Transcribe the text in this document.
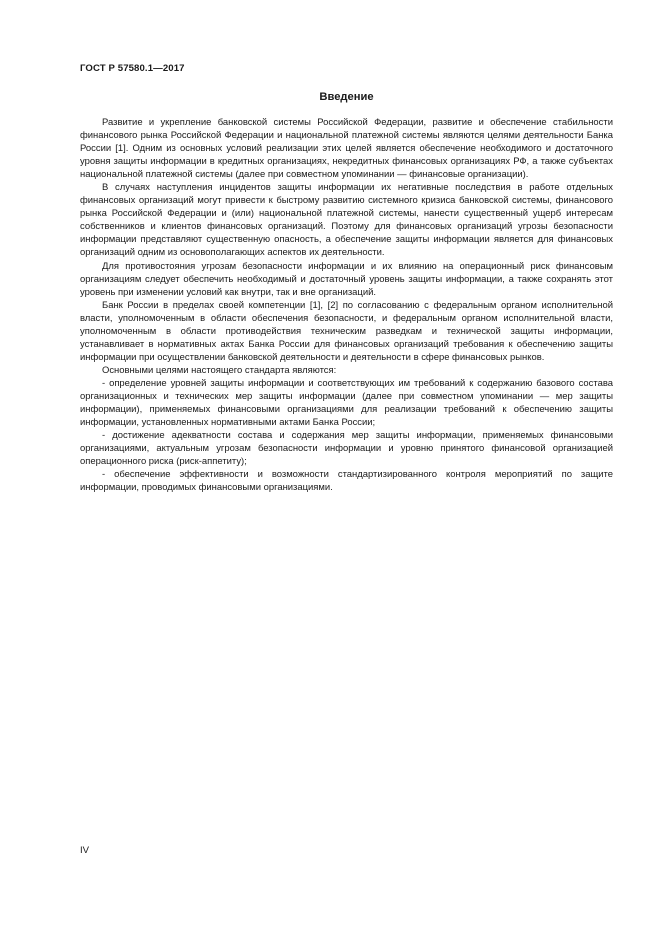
ГОСТ Р 57580.1—2017
Введение

Развитие и укрепление банковской системы Российской Федерации, развитие и обеспечение стабильности финансового рынка Российской Федерации и национальной платежной системы являются целями деятельности Банка России [1]. Одним из основных условий реализации этих целей является обеспечение необходимого и достаточного уровня защиты информации в кредитных организациях, некредитных финансовых организациях РФ, а также субъектах национальной платежной системы (далее при совместном упоминании — финансовые организации).

В случаях наступления инцидентов защиты информации их негативные последствия в работе отдельных финансовых организаций могут привести к быстрому развитию системного кризиса банковской системы, финансового рынка Российской Федерации и (или) национальной платежной системы, нанести существенный ущерб интересам собственников и клиентов финансовых организаций. Поэтому для финансовых организаций угрозы безопасности информации представляют существенную опасность, а обеспечение защиты информации является для финансовых организаций одним из основополагающих аспектов их деятельности.

Для противостояния угрозам безопасности информации и их влиянию на операционный риск финансовым организациям следует обеспечить необходимый и достаточный уровень защиты информации, а также сохранять этот уровень при изменении условий как внутри, так и вне организаций.

Банк России в пределах своей компетенции [1], [2] по согласованию с федеральным органом исполнительной власти, уполномоченным в области обеспечения безопасности, и федеральным органом исполнительной власти, уполномоченным в области противодействия техническим разведкам и технической защиты информации, устанавливает в нормативных актах Банка России для финансовых организаций требования к обеспечению защиты информации при осуществлении банковской деятельности и деятельности в сфере финансовых рынков.

Основными целями настоящего стандарта являются:

- определение уровней защиты информации и соответствующих им требований к содержанию базового состава организационных и технических мер защиты информации (далее при совместном упоминании — мер защиты информации), применяемых финансовыми организациями для реализации требований к обеспечению защиты информации, установленных нормативными актами Банка России;

- достижение адекватности состава и содержания мер защиты информации, применяемых финансовыми организациями, актуальным угрозам безопасности информации и уровню принятого финансовой организацией операционного риска (риск-аппетиту);

- обеспечение эффективности и возможности стандартизированного контроля мероприятий по защите информации, проводимых финансовыми организациями.

IV
